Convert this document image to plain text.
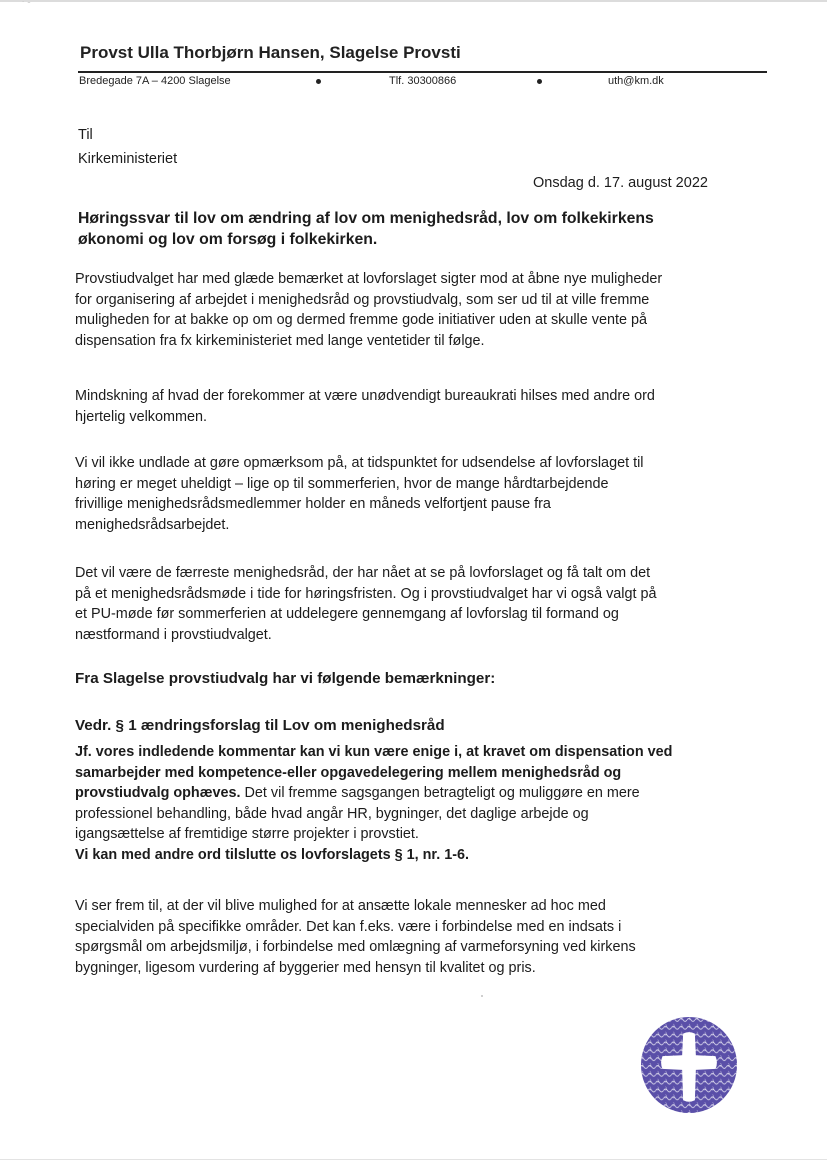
˙ ˉ
Provst Ulla Thorbjørn Hansen, Slagelse Provsti
Bredegade 7A – 4200 Slagelse	Tlf. 30300866	uth@km.dk
Til
Kirkeministeriet
Onsdag d. 17. august 2022
Høringssvar til lov om ændring af lov om menighedsråd, lov om folkekirkens
økonomi og lov om forsøg i folkekirken.
Provstiudvalget har med glæde bemærket at lovforslaget sigter mod at åbne nye muligheder
for organisering af arbejdet i menighedsråd og provstiudvalg, som ser ud til at ville fremme
muligheden for at bakke op om og dermed fremme gode initiativer uden at skulle vente på
dispensation fra fx kirkeministeriet med lange ventetider til følge.
Mindskning af hvad der forekommer at være unødvendigt bureaukrati hilses med andre ord
hjertelig velkommen.
Vi vil ikke undlade at gøre opmærksom på, at tidspunktet for udsendelse af lovforslaget til
høring er meget uheldigt – lige op til sommerferien, hvor de mange hårdtarbejdende
frivillige menighedsrådsmedlemmer holder en måneds velfortjent pause fra
menighedsrådsarbejdet.
Det vil være de færreste menighedsråd, der har nået at se på lovforslaget og få talt om det
på et menighedsrådsmøde i tide for høringsfristen. Og i provstiudvalget har vi også valgt på
et PU-møde før sommerferien at uddelegere gennemgang af lovforslag til formand og
næstformand i provstiudvalget.
Fra Slagelse provstiudvalg har vi følgende bemærkninger:
Vedr. § 1 ændringsforslag til Lov om menighedsråd
Jf. vores indledende kommentar kan vi kun være enige i, at kravet om dispensation ved
samarbejder med kompetence-eller opgavedelegering mellem menighedsråd og
provstiudvalg ophæves. Det vil fremme sagsgangen betragteligt og muliggøre en mere
professionel behandling, både hvad angår HR, bygninger, det daglige arbejde og
igangsættelse af fremtidige større projekter i provstiet.
Vi kan med andre ord tilslutte os lovforslagets § 1, nr. 1-6.
Vi ser frem til, at der vil blive mulighed for at ansætte lokale mennesker ad hoc med
specialviden på specifikke områder. Det kan f.eks. være i forbindelse med en indsats i
spørgsmål om arbejdsmiljø, i forbindelse med omlægning af varmeforsyning ved kirkens
bygninger, ligesom vurdering af byggerier med hensyn til kvalitet og pris.
